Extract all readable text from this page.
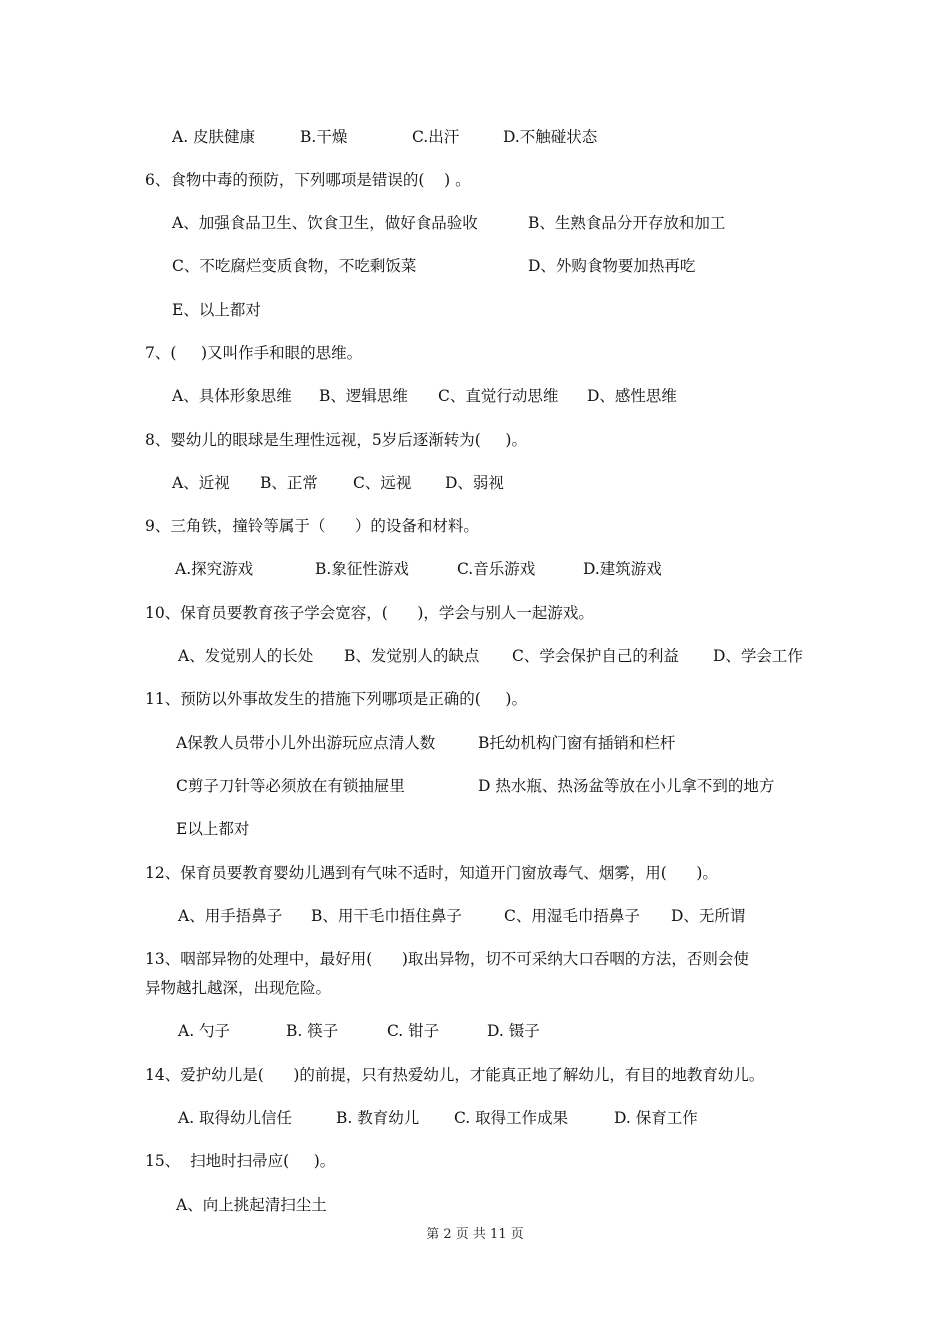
A. 皮肤健康	B.干燥	C.出汗	D.不触碰状态
6、食物中毒的预防，下列哪项是错误的(    ) 。
A、加强食品卫生、饮食卫生，做好食品验收	B、生熟食品分开存放和加工
C、不吃腐烂变质食物，不吃剩饭菜	D、外购食物要加热再吃
E、以上都对
7、(     )又叫作手和眼的思维。
A、具体形象思维 B、逻辑思维 C、直觉行动思维 D、感性思维
8、婴幼儿的眼球是生理性远视，5岁后逐渐转为(     )。
A、近视 B、正常 C、远视 D、弱视
9、三角铁，撞铃等属于（      ）的设备和材料。
A.探究游戏	B.象征性游戏	C.音乐游戏	D.建筑游戏
10、保育员要教育孩子学会宽容，(      )，学会与别人一起游戏。
A、发觉别人的长处 B、发觉别人的缺点 C、学会保护自己的利益 D、学会工作
11、预防以外事故发生的措施下列哪项是正确的(     )。
A保教人员带小儿外出游玩应点清人数	B托幼机构门窗有插销和栏杆
C剪子刀针等必须放在有锁抽屉里	D 热水瓶、热汤盆等放在小儿拿不到的地方
E以上都对
12、保育员要教育婴幼儿遇到有气味不适时，知道开门窗放毒气、烟雾，用(      )。
A、用手捂鼻子 B、用干毛巾捂住鼻子	C、用湿毛巾捂鼻子 D、无所谓
13、咽部异物的处理中，最好用(      )取出异物，切不可采纳大口吞咽的方法，否则会使
异物越扎越深，出现危险。
A. 勺子	B. 筷子	C. 钳子	D. 镊子
14、爱护幼儿是(      )的前提，只有热爱幼儿，才能真正地了解幼儿，有目的地教育幼儿。
A. 取得幼儿信任	B. 教育幼儿 C. 取得工作成果	D. 保育工作
15、  扫地时扫帚应(     )。
A、向上挑起清扫尘土
第 2 页 共 11 页
